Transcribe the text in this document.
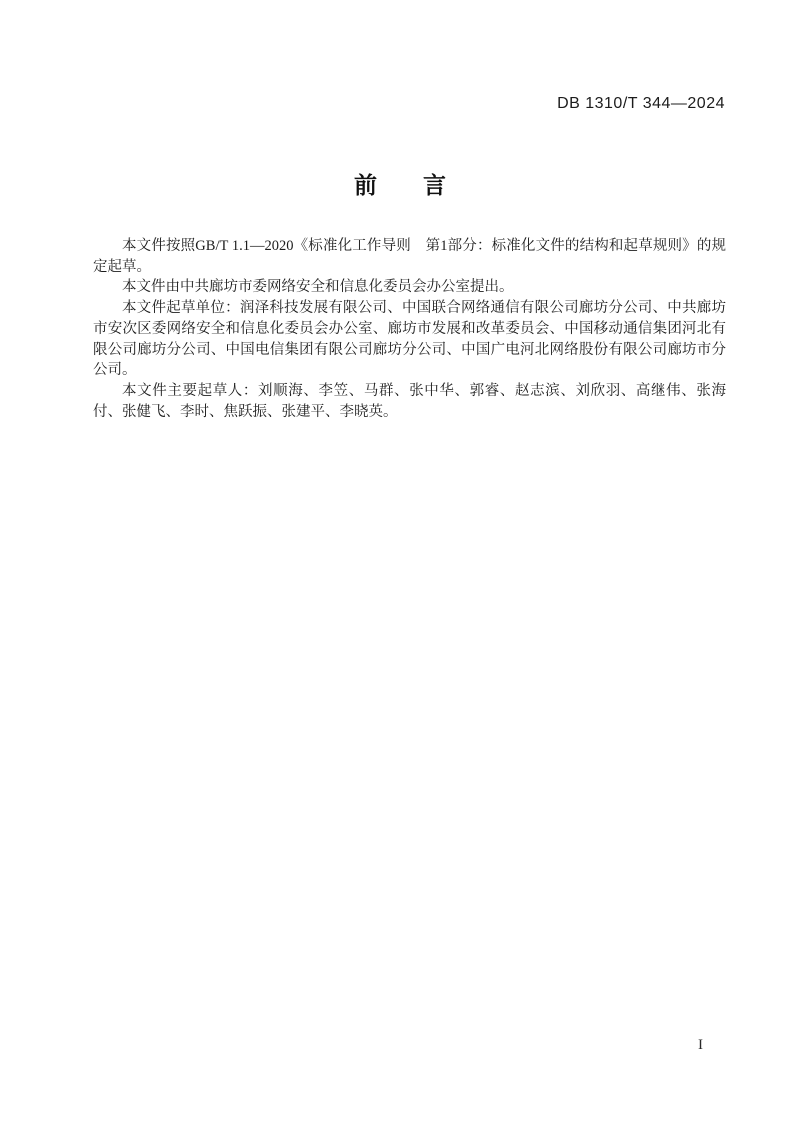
DB 1310/T 344—2024
前　　言

本文件按照GB/T 1.1—2020《标准化工作导则　第1部分：标准化文件的结构和起草规则》的规定起草。

本文件由中共廊坊市委网络安全和信息化委员会办公室提出。

本文件起草单位：润泽科技发展有限公司、中国联合网络通信有限公司廊坊分公司、中共廊坊市安次区委网络安全和信息化委员会办公室、廊坊市发展和改革委员会、中国移动通信集团河北有限公司廊坊分公司、中国电信集团有限公司廊坊分公司、中国广电河北网络股份有限公司廊坊市分公司。

本文件主要起草人：刘顺海、李笠、马群、张中华、郭睿、赵志滨、刘欣羽、高继伟、张海付、张健飞、李时、焦跃振、张建平、李晓英。

I
